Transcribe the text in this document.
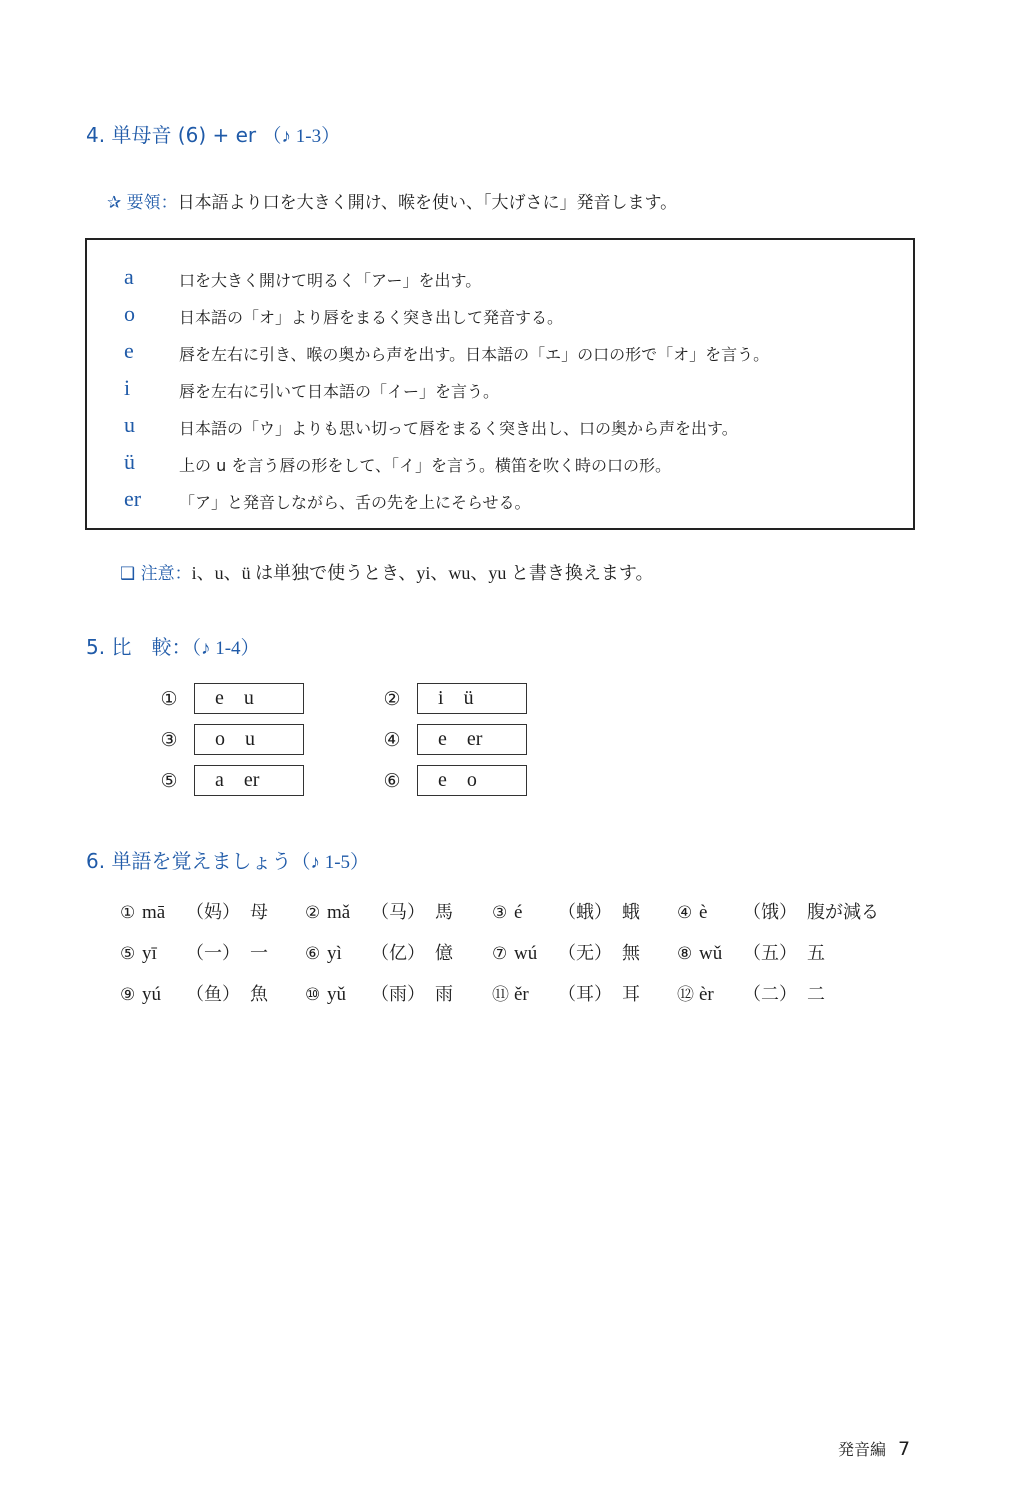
4. 単母音 (6) + er （♪ 1-3）
✰ 要領：日本語より口を大きく開け、喉を使い、「大げさに」発音します。
a	口を大きく開けて明るく「アー」を出す。
o	日本語の「オ」より唇をまるく突き出して発音する。
e	唇を左右に引き、喉の奥から声を出す。日本語の「エ」の口の形で「オ」を言う。
i	唇を左右に引いて日本語の「イー」を言う。
u	日本語の「ウ」よりも思い切って唇をまるく突き出し、口の奥から声を出す。
ü	上の u を言う唇の形をして、「イ」を言う。横笛を吹く時の口の形。
er 「ア」と発音しながら、舌の先を上にそらせる。
❑ 注意：i、u、ü は単独で使うとき、yi、wu、yu と書き換えます。
5. 比　較：（♪ 1-4）
① e u	② i ü
③ o u	④ e er
⑤ a er	⑥ e o
6. 単語を覚えましょう（♪ 1-5）
① mā	（妈） 母 ② mǎ	（马） 馬 ③ é	（蛾） 蛾 ④ è	（饿） 腹が減る
⑤ yī	（一） 一 ⑥ yì	（亿） 億 ⑦ wú	（无） 無 ⑧ wǔ	（五） 五
⑨ yú	（鱼） 魚 ⑩ yǔ	（雨） 雨 ⑪ ěr	（耳） 耳 ⑫ èr	（二） 二
発音編 7
